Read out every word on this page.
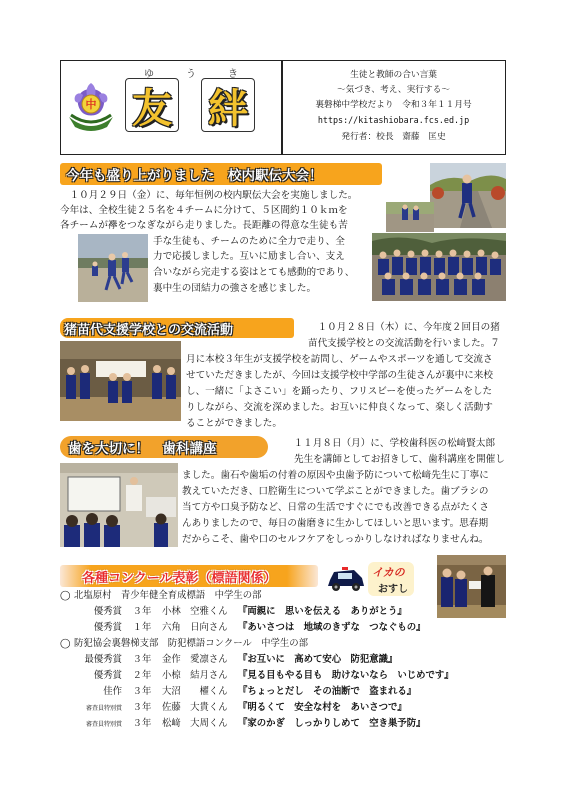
中
ゆ	う	き
友 絆
生徒と教師の合い言葉
〜気づき、考え、実行する〜
裏磐梯中学校だより　令和３年１１月号
https://kitashiobara.fcs.ed.jp
発行者：校長　齋藤　匡史
今年も盛り上がりました　校内駅伝大会！
　１０月２９日（金）に、毎年恒例の校内駅伝大会を実施しました。
今年は、全校生徒２５名を４チームに分けて、５区間約１０ｋｍを
各チームが襷をつなぎながら走りました。長距離の得意な生徒も苦
手な生徒も、チームのために全力で走り、全
力で応援しました。互いに励まし合い、支え
合いながら完走する姿はとても感動的であり、
裏中生の団結力の強さを感じました。
猪苗代支援学校との交流活動	　１０月２８日（木）に、今年度２回目の猪
苗代支援学校との交流活動を行いました。７
月に本校３年生が支援学校を訪問し、ゲームやスポーツを通して交流さ
せていただきましたが、今回は支援学校中学部の生徒さんが裏中に来校
し、一緒に「よさこい」を踊ったり、フリスビーを使ったゲームをした
りしながら、交流を深めました。お互いに仲良くなって、楽しく活動す
ることができました。
歯を大切に！　歯科講座	　１１月８日（月）に、学校歯科医の松﨑賢太郎
先生を講師としてお招きして、歯科講座を開催し
ました。歯石や歯垢の付着の原因や虫歯予防について松﨑先生に丁寧に
教えていただき、口腔衛生について学ぶことができました。歯ブラシの
当て方や口臭予防など、日常の生活ですぐにでも改善できる点がたくさ
んありましたので、毎日の歯磨きに生かしてほしいと思います。思春期
だからこそ、歯や口のセルフケアをしっかりしなければなりませんね。
各種コンクール表彰（標語関係）	イカの
おすし
◯ 北塩原村　青少年健全育成標語　中学生の部
優秀賞 ３年 小林　空雅くん 『両親に　思いを伝える　ありがとう』
優秀賞 １年 六角　日向さん 『あいさつは　地域のきずな　つなぐもの』
◯ 防犯協会裏磐梯支部　防犯標語コンクール　中学生の部
最優秀賞 ３年 金作　愛凛さん 『お互いに　高めて安心　防犯意識』
優秀賞 ２年 小椋　結月さん 『見る目もやる目も　助けないなら　いじめです』
佳作 ３年 大沼　　櫂くん 『ちょっとだし　その油断で　盗まれる』
審査員特別賞 ３年 佐藤　大貴くん 『明るくて　安全な村を　あいさつで』
審査員特別賞 ３年 松﨑　大周くん 『家のかぎ　しっかりしめて　空き巣予防』
